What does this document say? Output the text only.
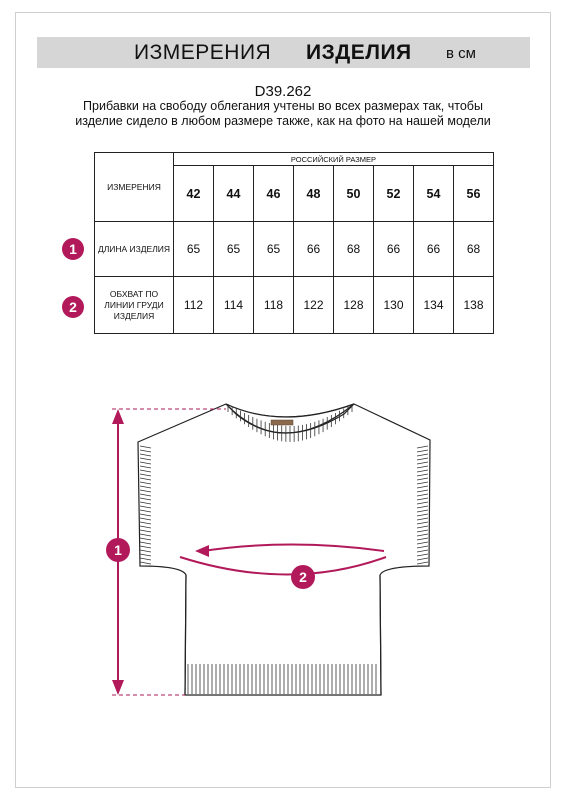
ИЗМЕРЕНИЯ ИЗДЕЛИЯ в см
D39.262
Прибавки на свободу облегания учтены во всех размерах так, чтобы изделие сидело в любом размере также, как на фото на нашей модели
ИЗМЕРЕНИЯ	РОССИЙСКИЙ РАЗМЕР							
	42	44	46	48	50	52	54	56
ДЛИНА ИЗДЕЛИЯ	65	65	65	66	68	66	66	68
ОБХВАТ ПО ЛИНИИ ГРУДИ ИЗДЕЛИЯ	112	114	118	122	128	130	134	138
1
2
1
2
